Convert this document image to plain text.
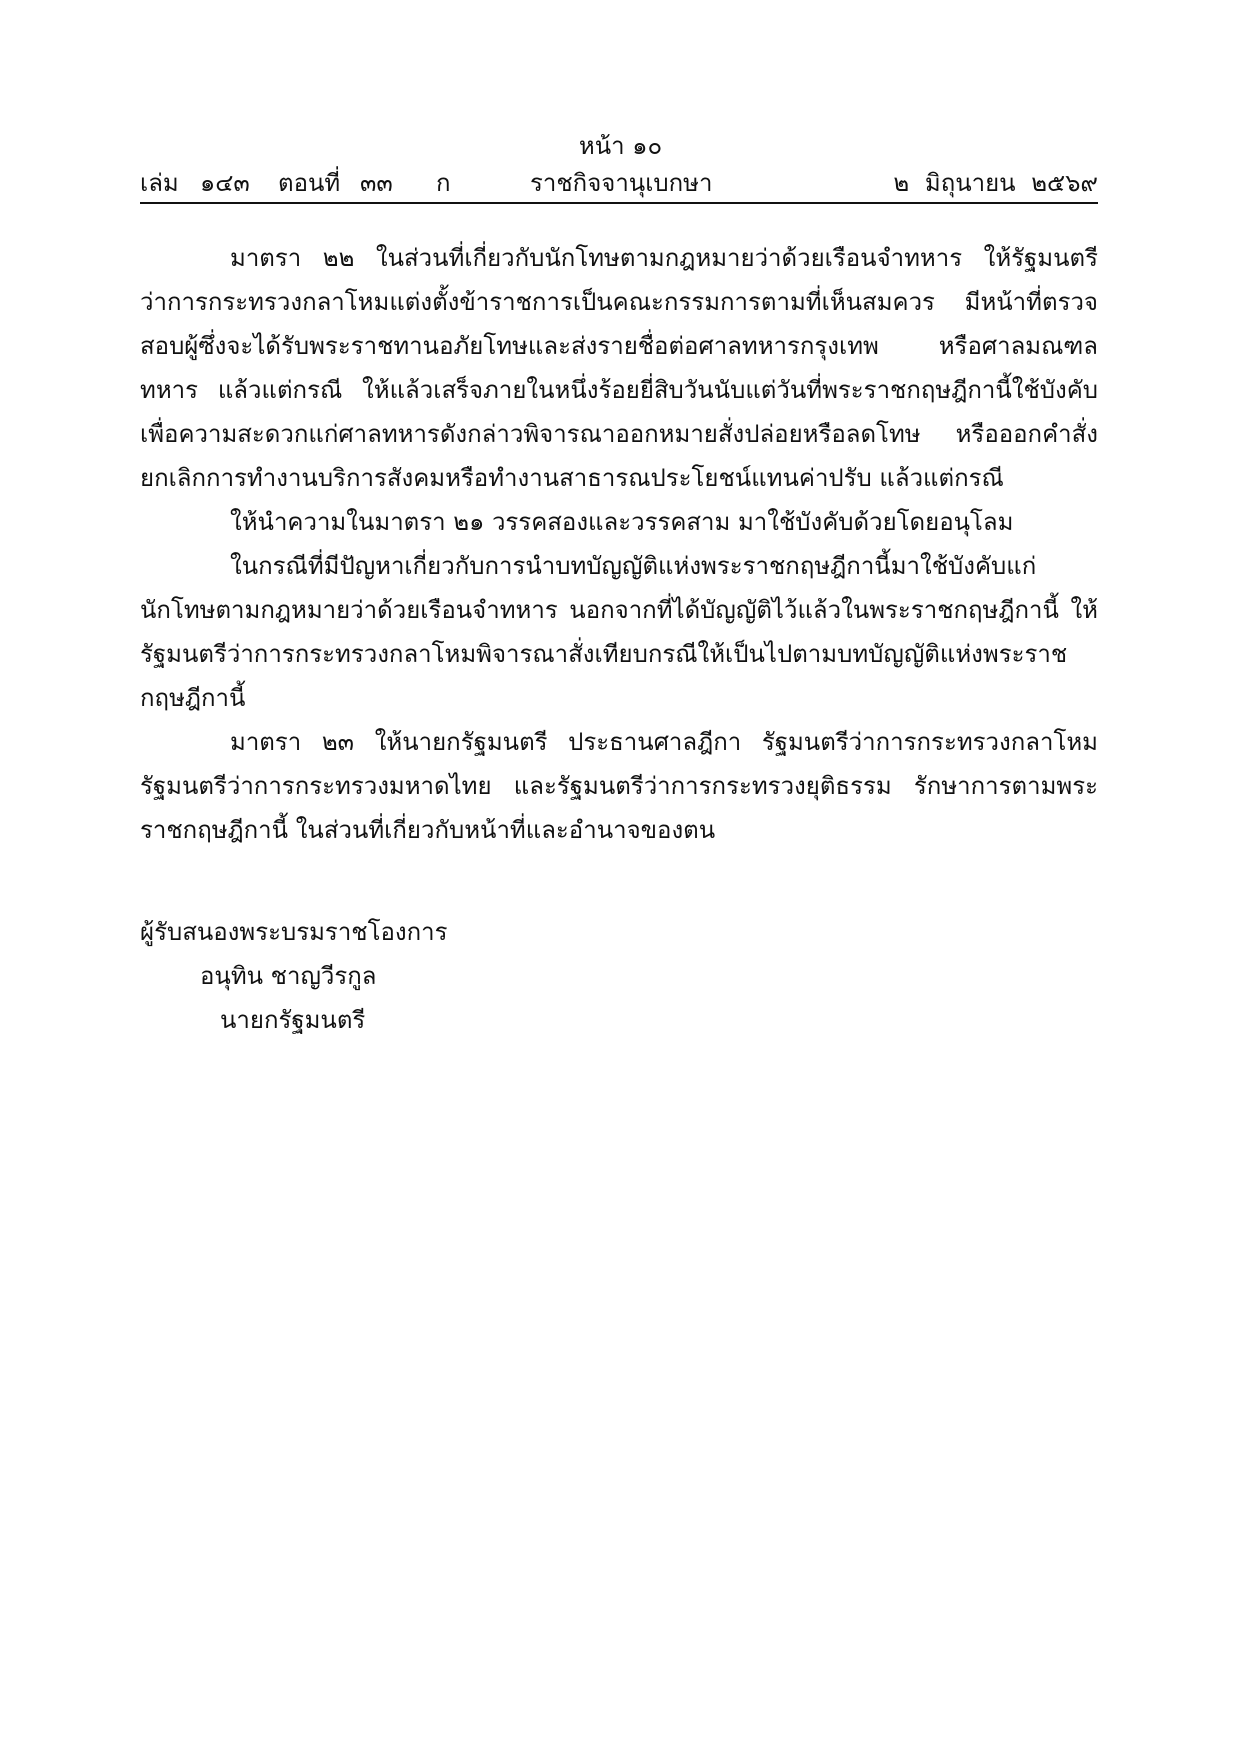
หน้า ๑๐
เล่ม ๑๔๓ ตอนที่ ๓๓ ก	ราชกิจจานุเบกษา	๒ มิถุนายน ๒๕๖๙

มาตรา ๒๒ ในส่วนที่เกี่ยวกับนักโทษตามกฎหมายว่าด้วยเรือนจำทหาร ให้รัฐมนตรีว่าการกระทรวงกลาโหมแต่งตั้งข้าราชการเป็นคณะกรรมการตามที่เห็นสมควร มีหน้าที่ตรวจสอบผู้ซึ่งจะได้รับพระราชทานอภัยโทษและส่งรายชื่อต่อศาลทหารกรุงเทพ หรือศาลมณฑลทหาร แล้วแต่กรณี ให้แล้วเสร็จภายในหนึ่งร้อยยี่สิบวันนับแต่วันที่พระราชกฤษฎีกานี้ใช้บังคับ เพื่อความสะดวกแก่ศาลทหารดังกล่าวพิจารณาออกหมายสั่งปล่อยหรือลดโทษ หรือออกคำสั่งยกเลิกการทำงานบริการสังคมหรือทำงานสาธารณประโยชน์แทนค่าปรับ แล้วแต่กรณี

ให้นำความในมาตรา ๒๑ วรรคสองและวรรคสาม มาใช้บังคับด้วยโดยอนุโลม

ในกรณีที่มีปัญหาเกี่ยวกับการนำบทบัญญัติแห่งพระราชกฤษฎีกานี้มาใช้บังคับแก่นักโทษตามกฎหมายว่าด้วยเรือนจำทหาร นอกจากที่ได้บัญญัติไว้แล้วในพระราชกฤษฎีกานี้ ให้รัฐมนตรีว่าการกระทรวงกลาโหมพิจารณาสั่งเทียบกรณีให้เป็นไปตามบทบัญญัติแห่งพระราชกฤษฎีกานี้

มาตรา ๒๓ ให้นายกรัฐมนตรี ประธานศาลฎีกา รัฐมนตรีว่าการกระทรวงกลาโหม รัฐมนตรีว่าการกระทรวงมหาดไทย และรัฐมนตรีว่าการกระทรวงยุติธรรม รักษาการตามพระราชกฤษฎีกานี้ ในส่วนที่เกี่ยวกับหน้าที่และอำนาจของตน

ผู้รับสนองพระบรมราชโองการ

อนุทิน ชาญวีรกูล

นายกรัฐมนตรี
